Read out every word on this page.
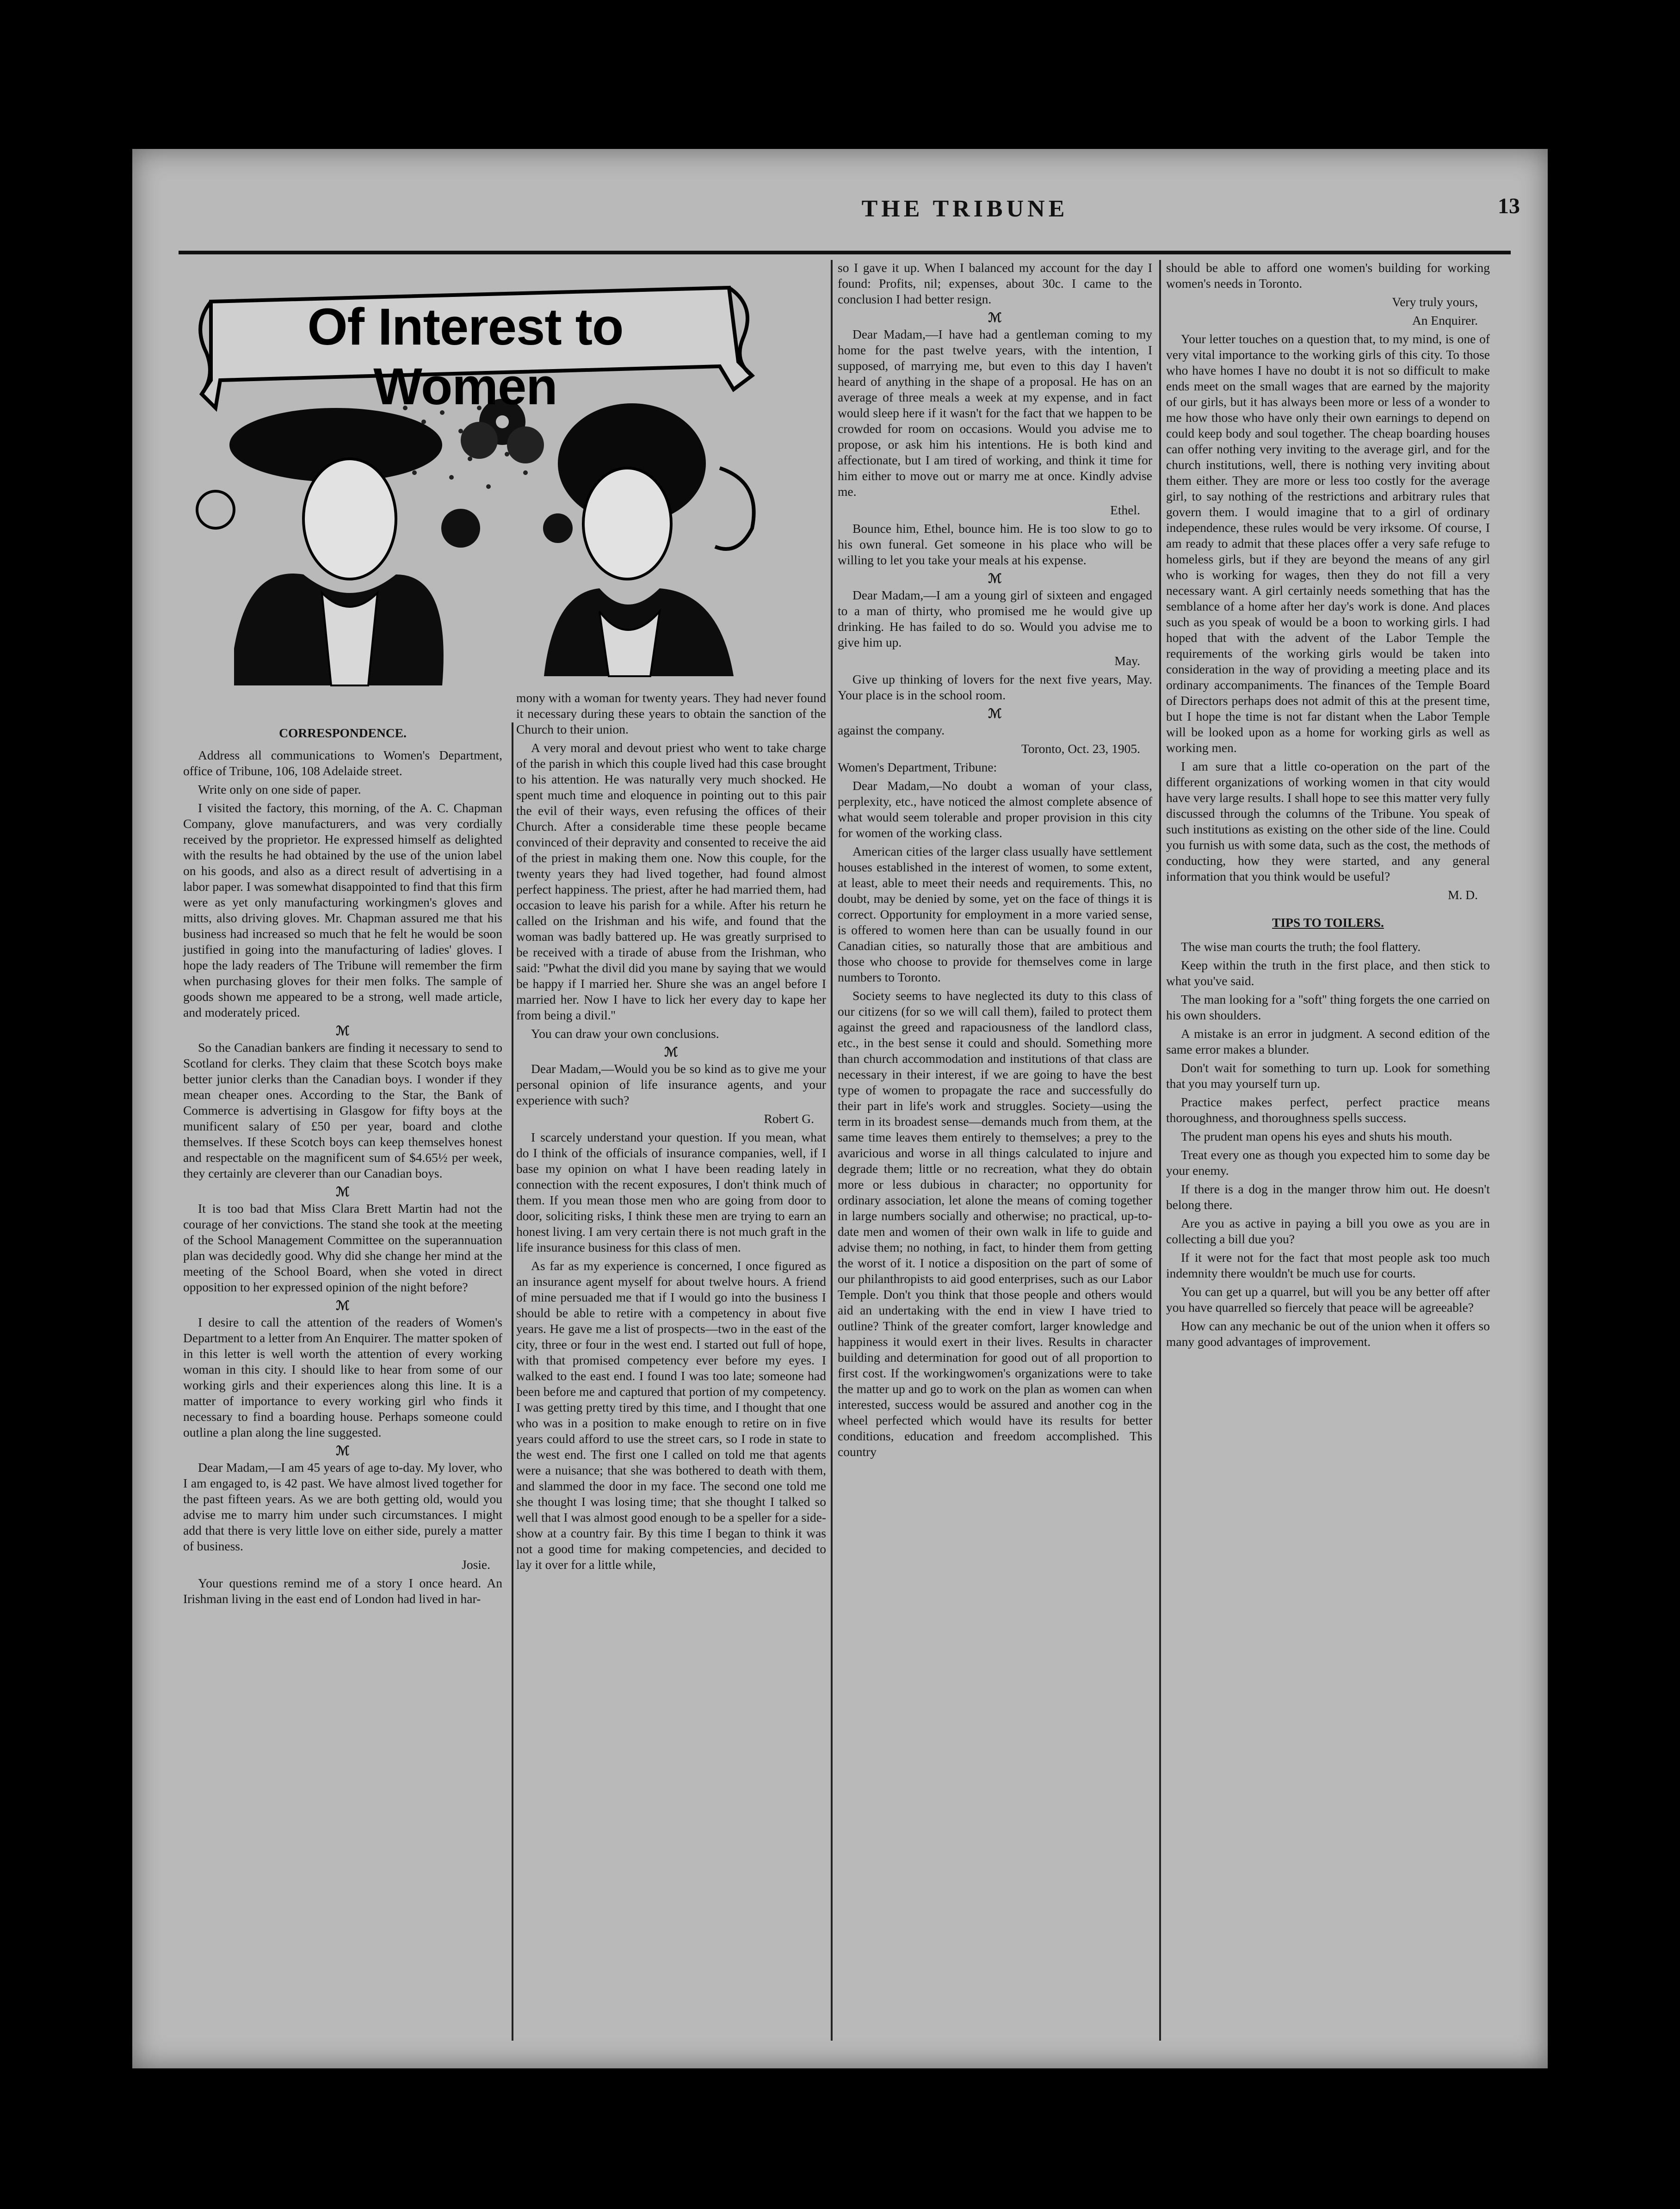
THE TRIBUNE	13
Of Interest to Women

CORRESPONDENCE.

Address all communications to Women's Department, office of Tribune, 106, 108 Adelaide street.

Write only on one side of paper.

I visited the factory, this morning, of the A. C. Chapman Company, glove manufacturers, and was very cordially received by the proprietor. He expressed himself as delighted with the results he had obtained by the use of the union label on his goods, and also as a direct result of advertising in a labor paper. I was somewhat disappointed to find that this firm were as yet only manufacturing workingmen's gloves and mitts, also driving gloves. Mr. Chapman assured me that his business had increased so much that he felt he would be soon justified in going into the manufacturing of ladies' gloves. I hope the lady readers of The Tribune will remember the firm when purchasing gloves for their men folks. The sample of goods shown me appeared to be a strong, well made article, and moderately priced.

ℳ

So the Canadian bankers are finding it necessary to send to Scotland for clerks. They claim that these Scotch boys make better junior clerks than the Canadian boys. I wonder if they mean cheaper ones. According to the Star, the Bank of Commerce is advertising in Glasgow for fifty boys at the munificent salary of £50 per year, board and clothe themselves. If these Scotch boys can keep themselves honest and respectable on the magnificent sum of $4.65½ per week, they certainly are cleverer than our Canadian boys.

ℳ

It is too bad that Miss Clara Brett Martin had not the courage of her convictions. The stand she took at the meeting of the School Management Committee on the superannuation plan was decidedly good. Why did she change her mind at the meeting of the School Board, when she voted in direct opposition to her expressed opinion of the night before?

ℳ

I desire to call the attention of the readers of Women's Department to a letter from An Enquirer. The matter spoken of in this letter is well worth the attention of every working woman in this city. I should like to hear from some of our working girls and their experiences along this line. It is a matter of importance to every working girl who finds it necessary to find a boarding house. Perhaps someone could outline a plan along the line suggested.

ℳ

Dear Madam,—I am 45 years of age to-day. My lover, who I am engaged to, is 42 past. We have almost lived together for the past fifteen years. As we are both getting old, would you advise me to marry him under such circumstances. I might add that there is very little love on either side, purely a matter of business.

Josie.

Your questions remind me of a story I once heard. An Irishman living in the east end of London had lived in har-

mony with a woman for twenty years. They had never found it necessary during these years to obtain the sanction of the Church to their union.

A very moral and devout priest who went to take charge of the parish in which this couple lived had this case brought to his attention. He was naturally very much shocked. He spent much time and eloquence in pointing out to this pair the evil of their ways, even refusing the offices of their Church. After a considerable time these people became convinced of their depravity and consented to receive the aid of the priest in making them one. Now this couple, for the twenty years they had lived together, had found almost perfect happiness. The priest, after he had married them, had occasion to leave his parish for a while. After his return he called on the Irishman and his wife, and found that the woman was badly battered up. He was greatly surprised to be received with a tirade of abuse from the Irishman, who said: ''Pwhat the divil did you mane by saying that we would be happy if I married her. Shure she was an angel before I married her. Now I have to lick her every day to kape her from being a divil.''

You can draw your own conclusions.

ℳ

Dear Madam,—Would you be so kind as to give me your personal opinion of life insurance agents, and your experience with such?

Robert G.

I scarcely understand your question. If you mean, what do I think of the officials of insurance companies, well, if I base my opinion on what I have been reading lately in connection with the recent exposures, I don't think much of them. If you mean those men who are going from door to door, soliciting risks, I think these men are trying to earn an honest living. I am very certain there is not much graft in the life insurance business for this class of men.

As far as my experience is concerned, I once figured as an insurance agent myself for about twelve hours. A friend of mine persuaded me that if I would go into the business I should be able to retire with a competency in about five years. He gave me a list of prospects—two in the east of the city, three or four in the west end. I started out full of hope, with that promised competency ever before my eyes. I walked to the east end. I found I was too late; someone had been before me and captured that portion of my competency. I was getting pretty tired by this time, and I thought that one who was in a position to make enough to retire on in five years could afford to use the street cars, so I rode in state to the west end. The first one I called on told me that agents were a nuisance; that she was bothered to death with them, and slammed the door in my face. The second one told me she thought I was losing time; that she thought I talked so well that I was almost good enough to be a speller for a side-show at a country fair. By this time I began to think it was not a good time for making competencies, and decided to lay it over for a little while,

so I gave it up. When I balanced my account for the day I found: Profits, nil; expenses, about 30c. I came to the conclusion I had better resign.

ℳ

Dear Madam,—I have had a gentleman coming to my home for the past twelve years, with the intention, I supposed, of marrying me, but even to this day I haven't heard of anything in the shape of a proposal. He has on an average of three meals a week at my expense, and in fact would sleep here if it wasn't for the fact that we happen to be crowded for room on occasions. Would you advise me to propose, or ask him his intentions. He is both kind and affectionate, but I am tired of working, and think it time for him either to move out or marry me at once. Kindly advise me.

Ethel.

Bounce him, Ethel, bounce him. He is too slow to go to his own funeral. Get someone in his place who will be willing to let you take your meals at his expense.

ℳ

Dear Madam,—I am a young girl of sixteen and engaged to a man of thirty, who promised me he would give up drinking. He has failed to do so. Would you advise me to give him up.

May.

Give up thinking of lovers for the next five years, May. Your place is in the school room.

ℳ

against the company.

Toronto, Oct. 23, 1905.

Women's Department, Tribune:

Dear Madam,—No doubt a woman of your class, perplexity, etc., have noticed the almost complete absence of what would seem tolerable and proper provision in this city for women of the working class.

American cities of the larger class usually have settlement houses established in the interest of women, to some extent, at least, able to meet their needs and requirements. This, no doubt, may be denied by some, yet on the face of things it is correct. Opportunity for employment in a more varied sense, is offered to women here than can be usually found in our Canadian cities, so naturally those that are ambitious and those who choose to provide for themselves come in large numbers to Toronto.

Society seems to have neglected its duty to this class of our citizens (for so we will call them), failed to protect them against the greed and rapaciousness of the landlord class, etc., in the best sense it could and should. Something more than church accommodation and institutions of that class are necessary in their interest, if we are going to have the best type of women to propagate the race and successfully do their part in life's work and struggles. Society—using the term in its broadest sense—demands much from them, at the same time leaves them entirely to themselves; a prey to the avaricious and worse in all things calculated to injure and degrade them; little or no recreation, what they do obtain more or less dubious in character; no opportunity for ordinary association, let alone the means of coming together in large numbers socially and otherwise; no practical, up-to-date men and women of their own walk in life to guide and advise them; no nothing, in fact, to hinder them from getting the worst of it. I notice a disposition on the part of some of our philanthropists to aid good enterprises, such as our Labor Temple. Don't you think that those people and others would aid an undertaking with the end in view I have tried to outline? Think of the greater comfort, larger knowledge and happiness it would exert in their lives. Results in character building and determination for good out of all proportion to first cost. If the workingwomen's organizations were to take the matter up and go to work on the plan as women can when interested, success would be assured and another cog in the wheel perfected which would have its results for better conditions, education and freedom accomplished. This country

should be able to afford one women's building for working women's needs in Toronto.

Very truly yours,

An Enquirer.

Your letter touches on a question that, to my mind, is one of very vital importance to the working girls of this city. To those who have homes I have no doubt it is not so difficult to make ends meet on the small wages that are earned by the majority of our girls, but it has always been more or less of a wonder to me how those who have only their own earnings to depend on could keep body and soul together. The cheap boarding houses can offer nothing very inviting to the average girl, and for the church institutions, well, there is nothing very inviting about them either. They are more or less too costly for the average girl, to say nothing of the restrictions and arbitrary rules that govern them. I would imagine that to a girl of ordinary independence, these rules would be very irksome. Of course, I am ready to admit that these places offer a very safe refuge to homeless girls, but if they are beyond the means of any girl who is working for wages, then they do not fill a very necessary want. A girl certainly needs something that has the semblance of a home after her day's work is done. And places such as you speak of would be a boon to working girls. I had hoped that with the advent of the Labor Temple the requirements of the working girls would be taken into consideration in the way of providing a meeting place and its ordinary accompaniments. The finances of the Temple Board of Directors perhaps does not admit of this at the present time, but I hope the time is not far distant when the Labor Temple will be looked upon as a home for working girls as well as working men.

I am sure that a little co-operation on the part of the different organizations of working women in that city would have very large results. I shall hope to see this matter very fully discussed through the columns of the Tribune. You speak of such institutions as existing on the other side of the line. Could you furnish us with some data, such as the cost, the methods of conducting, how they were started, and any general information that you think would be useful?

M. D.

TIPS TO TOILERS.

The wise man courts the truth; the fool flattery.

Keep within the truth in the first place, and then stick to what you've said.

The man looking for a ''soft'' thing forgets the one carried on his own shoulders.

A mistake is an error in judgment. A second edition of the same error makes a blunder.

Don't wait for something to turn up. Look for something that you may yourself turn up.

Practice makes perfect, perfect practice means thoroughness, and thoroughness spells success.

The prudent man opens his eyes and shuts his mouth.

Treat every one as though you expected him to some day be your enemy.

If there is a dog in the manger throw him out. He doesn't belong there.

Are you as active in paying a bill you owe as you are in collecting a bill due you?

If it were not for the fact that most people ask too much indemnity there wouldn't be much use for courts.

You can get up a quarrel, but will you be any better off after you have quarrelled so fiercely that peace will be agreeable?

How can any mechanic be out of the union when it offers so many good advantages of improvement.
